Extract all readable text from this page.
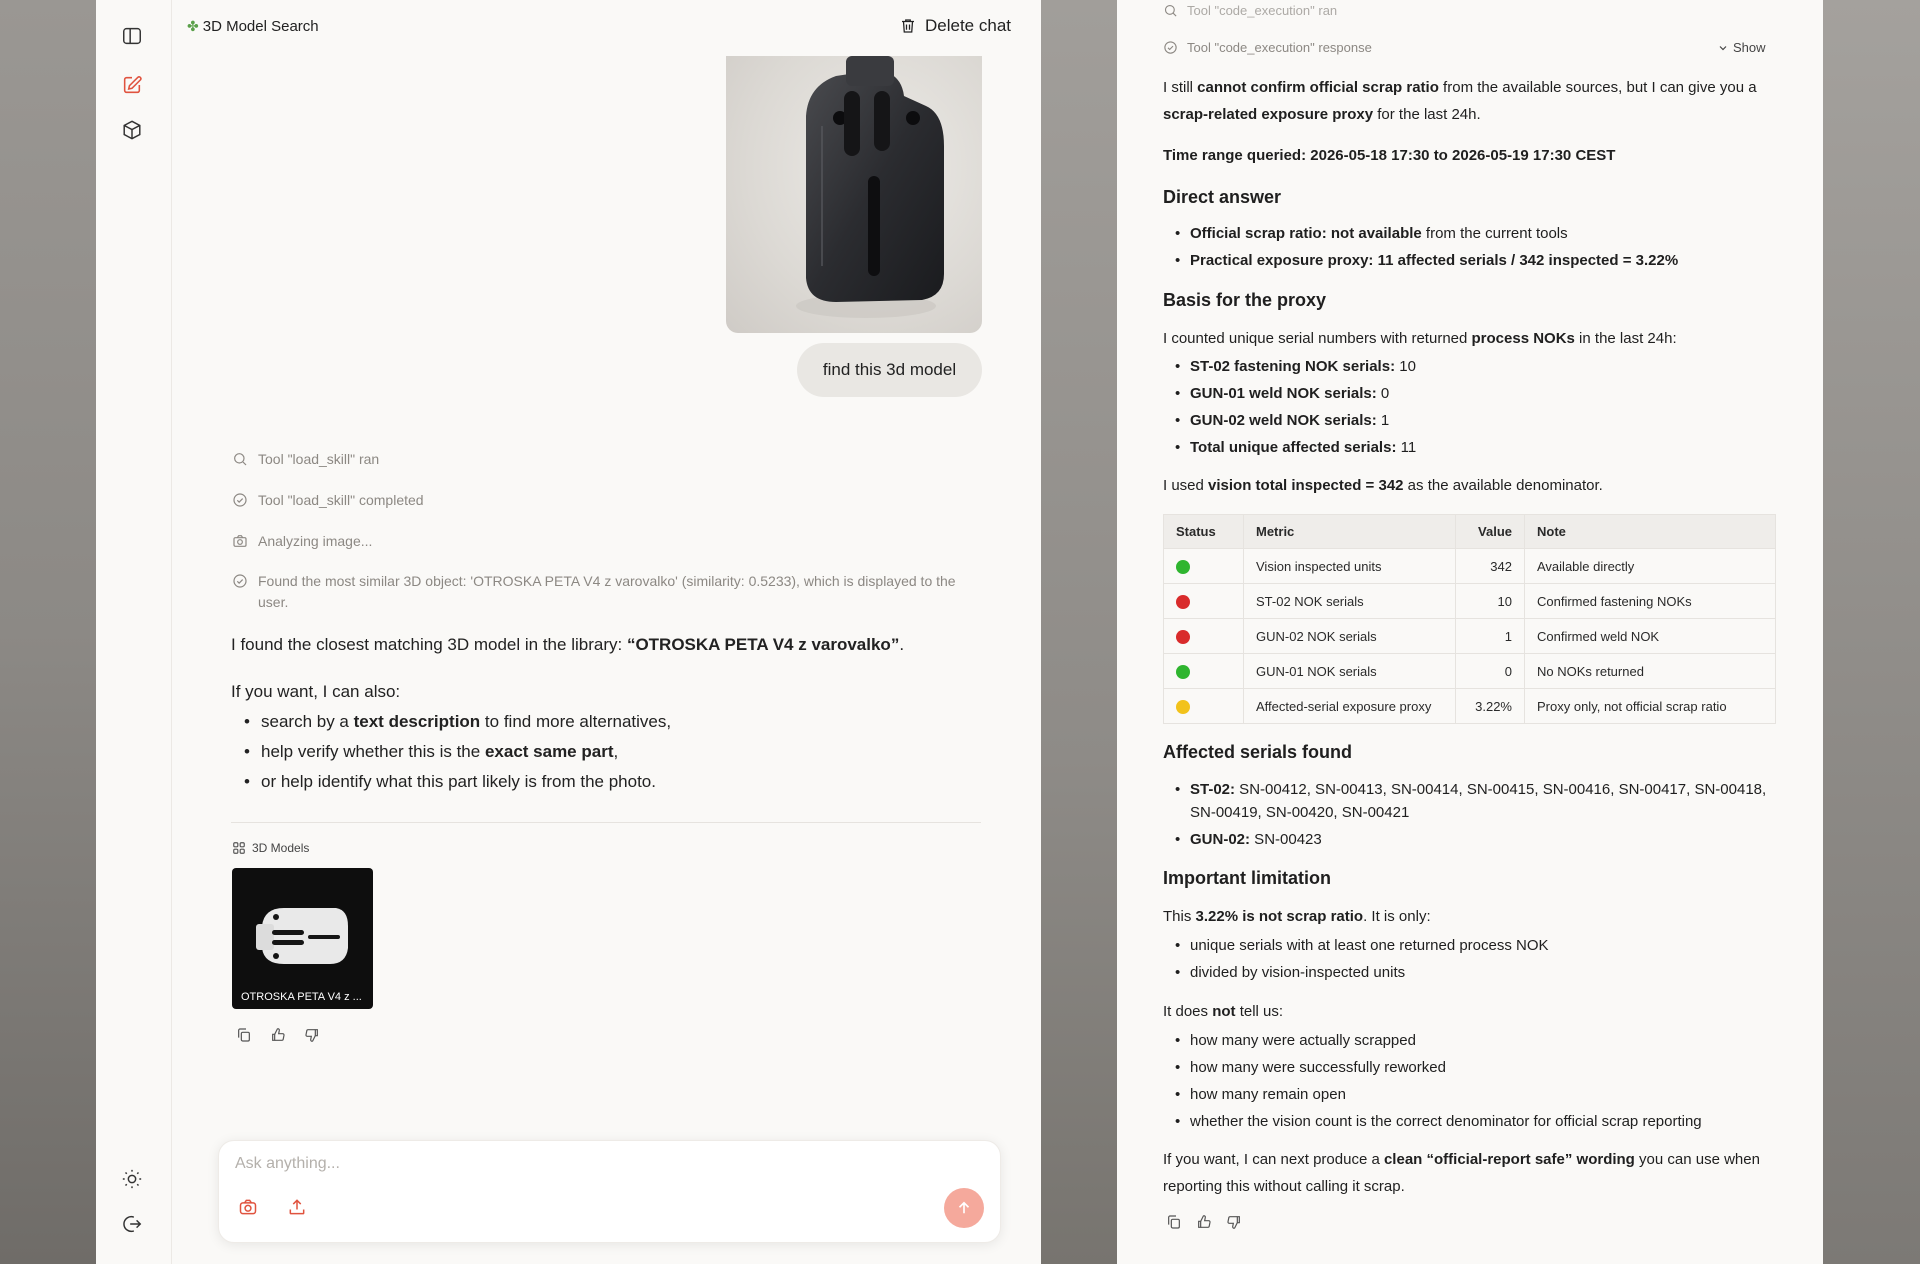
✤ 3D Model Search	Delete chat
find this 3d model
Tool "load_skill" ran
Tool "load_skill" completed
Analyzing image...
Found the most similar 3D object: 'OTROSKA PETA V4 z varovalko' (similarity: 0.5233), which is displayed to the user.
I found the closest matching 3D model in the library: “OTROSKA PETA V4 z varovalko”.
If you want, I can also:
• search by a text description to find more alternatives,
• help verify whether this is the exact same part,
• or help identify what this part likely is from the photo.
3D Models
OTROSKA PETA V4 z ...
Ask anything...
Tool "code_execution" ran
Tool "code_execution" response	Show
I still cannot confirm official scrap ratio from the available sources, but I can give you a scrap-related exposure proxy for the last 24h.
Time range queried: 2026-05-18 17:30 to 2026-05-19 17:30 CEST
Direct answer
• Official scrap ratio: not available from the current tools
• Practical exposure proxy: 11 affected serials / 342 inspected = 3.22%
Basis for the proxy
I counted unique serial numbers with returned process NOKs in the last 24h:
• ST-02 fastening NOK serials: 10
• GUN-01 weld NOK serials: 0
• GUN-02 weld NOK serials: 1
• Total unique affected serials: 11
I used vision total inspected = 342 as the available denominator.
Status	Metric	Value	Note
	Vision inspected units	342	Available directly
	ST-02 NOK serials	10	Confirmed fastening NOKs
	GUN-02 NOK serials	1	Confirmed weld NOK
	GUN-01 NOK serials	0	No NOKs returned
	Affected-serial exposure proxy	3.22%	Proxy only, not official scrap ratio
Affected serials found
• ST-02: SN-00412, SN-00413, SN-00414, SN-00415, SN-00416, SN-00417, SN-00418,
SN-00419, SN-00420, SN-00421
• GUN-02: SN-00423
Important limitation
This 3.22% is not scrap ratio. It is only:
• unique serials with at least one returned process NOK
• divided by vision-inspected units
It does not tell us:
• how many were actually scrapped
• how many were successfully reworked
• how many remain open
• whether the vision count is the correct denominator for official scrap reporting
If you want, I can next produce a clean “official-report safe” wording you can use when
reporting this without calling it scrap.
